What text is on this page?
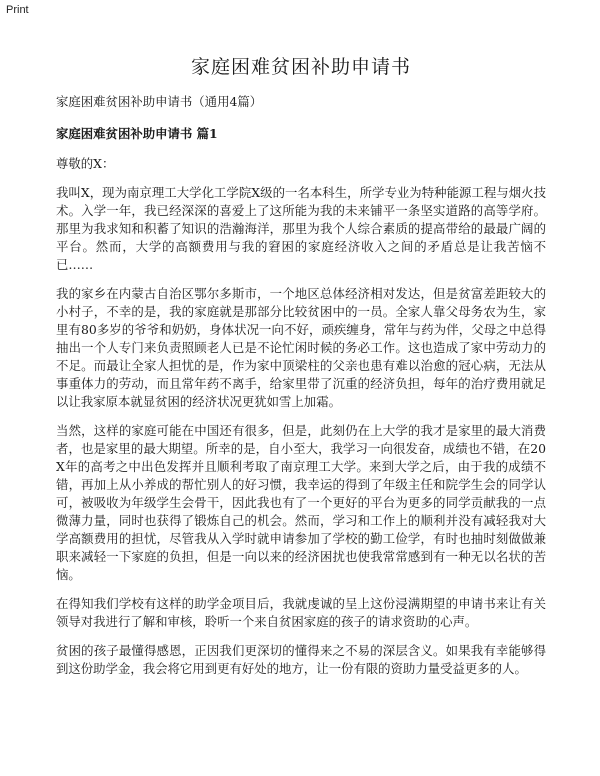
Print
家庭困难贫困补助申请书

家庭困难贫困补助申请书（通用4篇）

家庭困难贫困补助申请书 篇1

尊敬的X：

我叫X，现为南京理工大学化工学院X级的一名本科生，所学专业为特种能源工程与烟火技术。入学一年，我已经深深的喜爱上了这所能为我的未来铺平一条坚实道路的高等学府。那里为我求知和积蓄了知识的浩瀚海洋，那里为我个人综合素质的提高带给的最最广阔的平台。然而，大学的高额费用与我的窘困的家庭经济收入之间的矛盾总是让我苦恼不已……

我的家乡在内蒙古自治区鄂尔多斯市，一个地区总体经济相对发达，但是贫富差距较大的小村子，不幸的是，我的家庭就是那部分比较贫困中的一员。全家人靠父母务农为生，家里有80多岁的爷爷和奶奶，身体状况一向不好，顽疾缠身，常年与药为伴，父母之中总得抽出一个人专门来负责照顾老人已是不论忙闲时候的务必工作。这也造成了家中劳动力的不足。而最让全家人担忧的是，作为家中顶梁柱的父亲也患有难以治愈的冠心病，无法从事重体力的劳动，而且常年药不离手，给家里带了沉重的经济负担，每年的治疗费用就足以让我家原本就显贫困的经济状况更犹如雪上加霜。

当然，这样的家庭可能在中国还有很多，但是，此刻仍在上大学的我才是家里的最大消费者，也是家里的最大期望。所幸的是，自小至大，我学习一向很发奋，成绩也不错，在20X年的高考之中出色发挥并且顺利考取了南京理工大学。来到大学之后，由于我的成绩不错，再加上从小养成的帮忙别人的好习惯，我幸运的得到了年级主任和院学生会的同学认可，被吸收为年级学生会骨干，因此我也有了一个更好的平台为更多的同学贡献我的一点微薄力量，同时也获得了锻炼自己的机会。然而，学习和工作上的顺利并没有减轻我对大学高额费用的担忧，尽管我从入学时就申请参加了学校的勤工俭学，有时也抽时刻做做兼职来减轻一下家庭的负担，但是一向以来的经济困扰也使我常常感到有一种无以名状的苦恼。

在得知我们学校有这样的助学金项目后，我就虔诚的呈上这份浸满期望的申请书来让有关领导对我进行了解和审核，聆听一个来自贫困家庭的孩子的请求资助的心声。

贫困的孩子最懂得感恩，正因我们更深切的懂得来之不易的深层含义。如果我有幸能够得到这份助学金，我会将它用到更有好处的地方，让一份有限的资助力量受益更多的人。
